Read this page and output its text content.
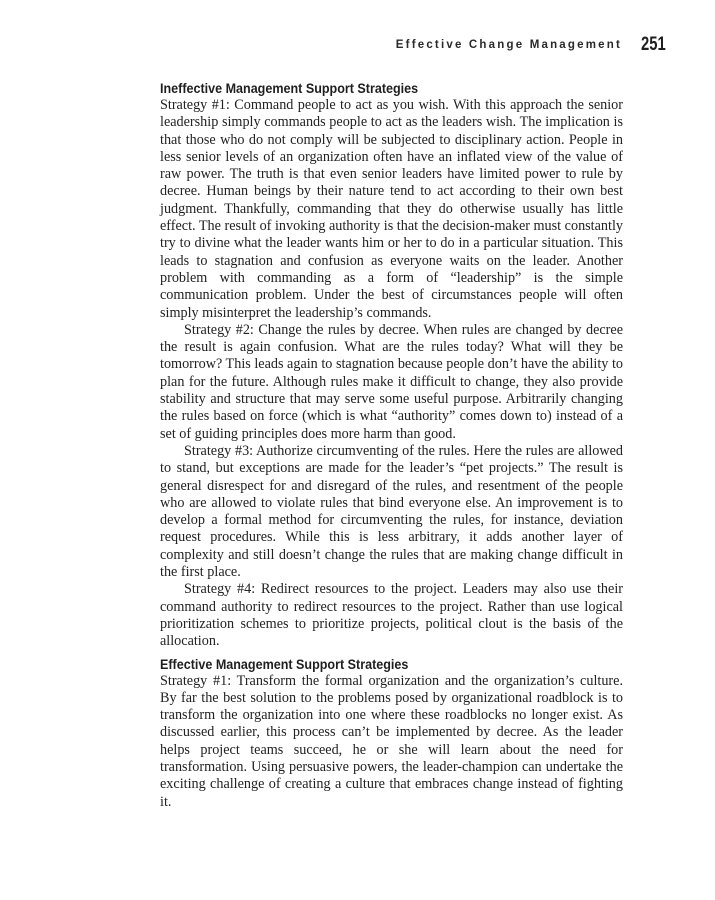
Effective Change Management 251
Ineffective Management Support Strategies

Strategy #1: Command people to act as you wish. With this approach the senior leadership simply commands people to act as the leaders wish. The implication is that those who do not comply will be subjected to disciplinary action. People in less senior levels of an organization often have an inflated view of the value of raw power. The truth is that even senior leaders have limited power to rule by decree. Human beings by their nature tend to act according to their own best judgment. Thankfully, commanding that they do otherwise usually has little effect. The result of invoking authority is that the decision-maker must constantly try to divine what the leader wants him or her to do in a particular situation. This leads to stagnation and confusion as everyone waits on the leader. Another problem with commanding as a form of “leadership” is the simple communication problem. Under the best of circumstances people will often simply misinterpret the leadership’s commands.

Strategy #2: Change the rules by decree. When rules are changed by decree the result is again confusion. What are the rules today? What will they be tomorrow? This leads again to stagnation because people don’t have the ability to plan for the future. Although rules make it difficult to change, they also provide stability and structure that may serve some useful purpose. Arbitrarily changing the rules based on force (which is what “authority” comes down to) instead of a set of guiding principles does more harm than good.

Strategy #3: Authorize circumventing of the rules. Here the rules are allowed to stand, but exceptions are made for the leader’s “pet projects.” The result is general disrespect for and disregard of the rules, and resentment of the people who are allowed to violate rules that bind everyone else. An improvement is to develop a formal method for circumventing the rules, for instance, deviation request procedures. While this is less arbitrary, it adds another layer of complexity and still doesn’t change the rules that are making change difficult in the first place.

Strategy #4: Redirect resources to the project. Leaders may also use their command authority to redirect resources to the project. Rather than use logical prioritization schemes to prioritize projects, political clout is the basis of the allocation.

Effective Management Support Strategies

Strategy #1: Transform the formal organization and the organization’s culture. By far the best solution to the problems posed by organizational roadblock is to transform the organization into one where these roadblocks no longer exist. As discussed earlier, this process can’t be implemented by decree. As the leader helps project teams succeed, he or she will learn about the need for transformation. Using persuasive powers, the leader-champion can undertake the exciting challenge of creating a culture that embraces change instead of fighting it.
